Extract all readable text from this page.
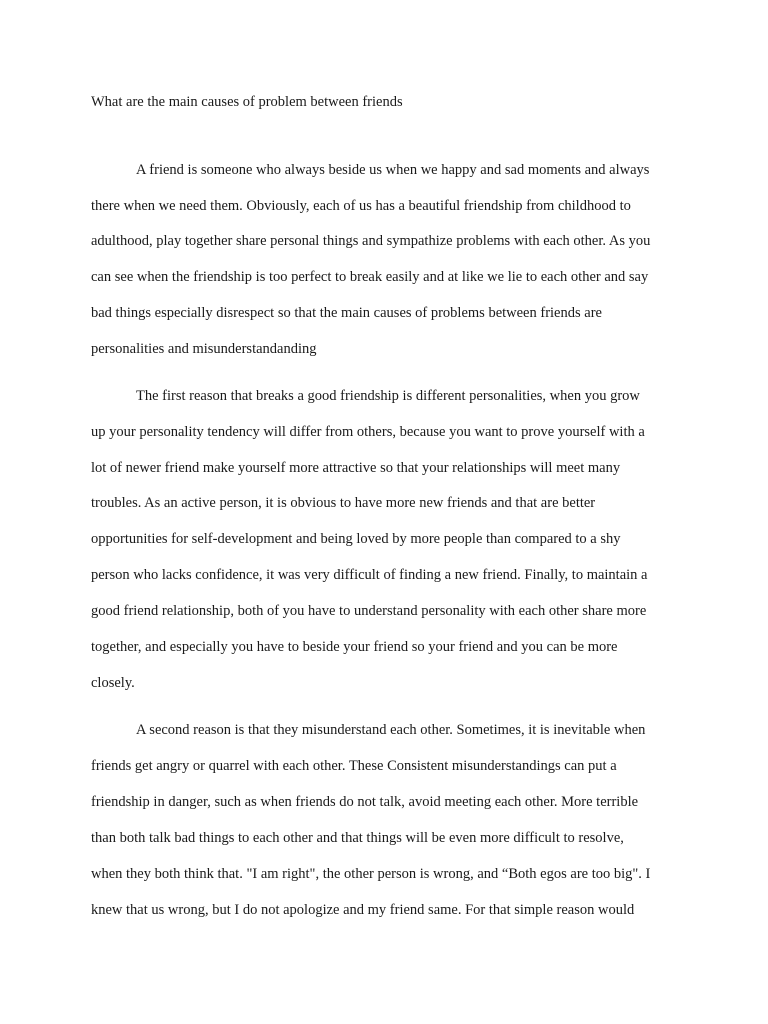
What are the main causes of problem between friends
A friend is someone who always beside us when we happy and sad moments and always
there when we need them. Obviously, each of us has a beautiful friendship from childhood to
adulthood, play together share personal things and sympathize problems with each other. As you
can see when the friendship is too perfect to break easily and at like we lie to each other and say
bad things especially disrespect so that the main causes of problems between friends are
personalities and misunderstandanding
The first reason that breaks a good friendship is different personalities, when you grow
up your personality tendency will differ from others, because you want to prove yourself with a
lot of newer friend make yourself more attractive so that your relationships will meet many
troubles. As an active person, it is obvious to have more new friends and that are better
opportunities for self-development and being loved by more people than compared to a shy
person who lacks confidence, it was very difficult of finding a new friend. Finally, to maintain a
good friend relationship, both of you have to understand personality with each other share more
together, and especially you have to beside your friend so your friend and you can be more
closely.
A second reason is that they misunderstand each other. Sometimes, it is inevitable when
friends get angry or quarrel with each other. These Consistent misunderstandings can put a
friendship in danger, such as when friends do not talk, avoid meeting each other. More terrible
than both talk bad things to each other and that things will be even more difficult to resolve,
when they both think that. "I am right", the other person is wrong, and “Both egos are too big". I
knew that us wrong, but I do not apologize and my friend same. For that simple reason would
